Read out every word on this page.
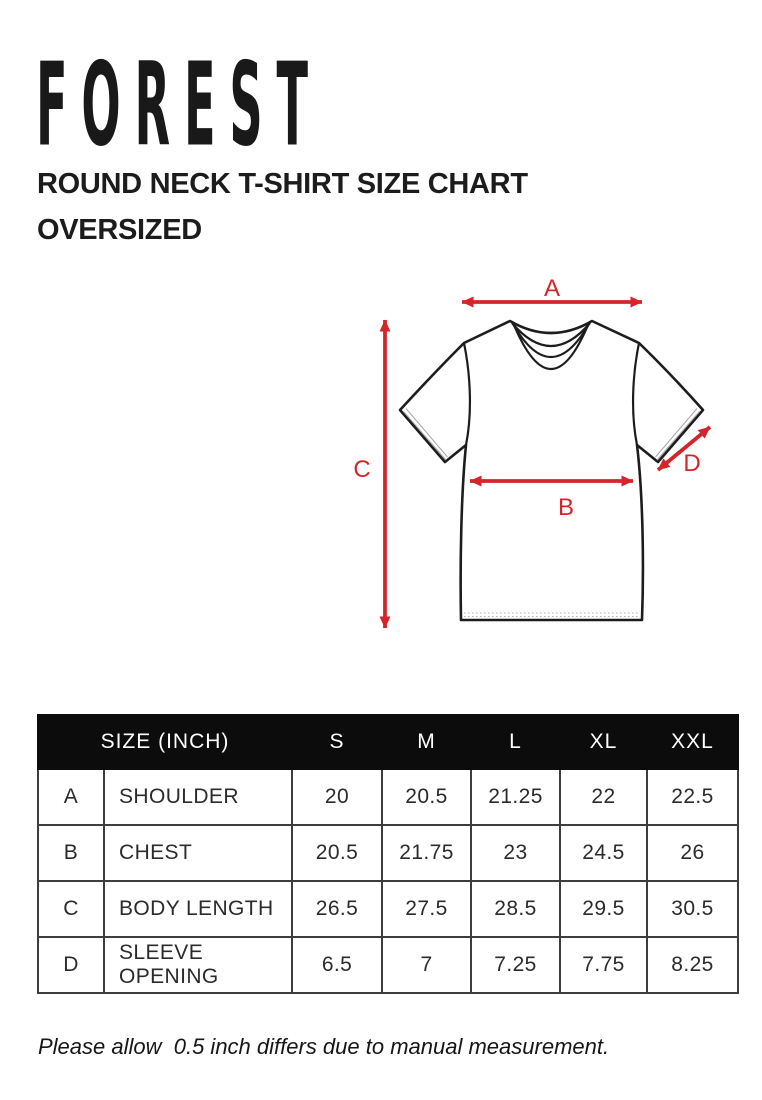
FOREST
ROUND NECK T-SHIRT SIZE CHART
OVERSIZED
A
C
B
D
SIZE (INCH)		S	M	L	XL	XXL
A	SHOULDER	20	20.5	21.25	22	22.5
B	CHEST	20.5	21.75	23	24.5	26
C	BODY LENGTH	26.5	27.5	28.5	29.5	30.5
D	SLEEVE OPENING	6.5	7	7.25	7.75	8.25

Please allow  0.5 inch differs due to manual measurement.
